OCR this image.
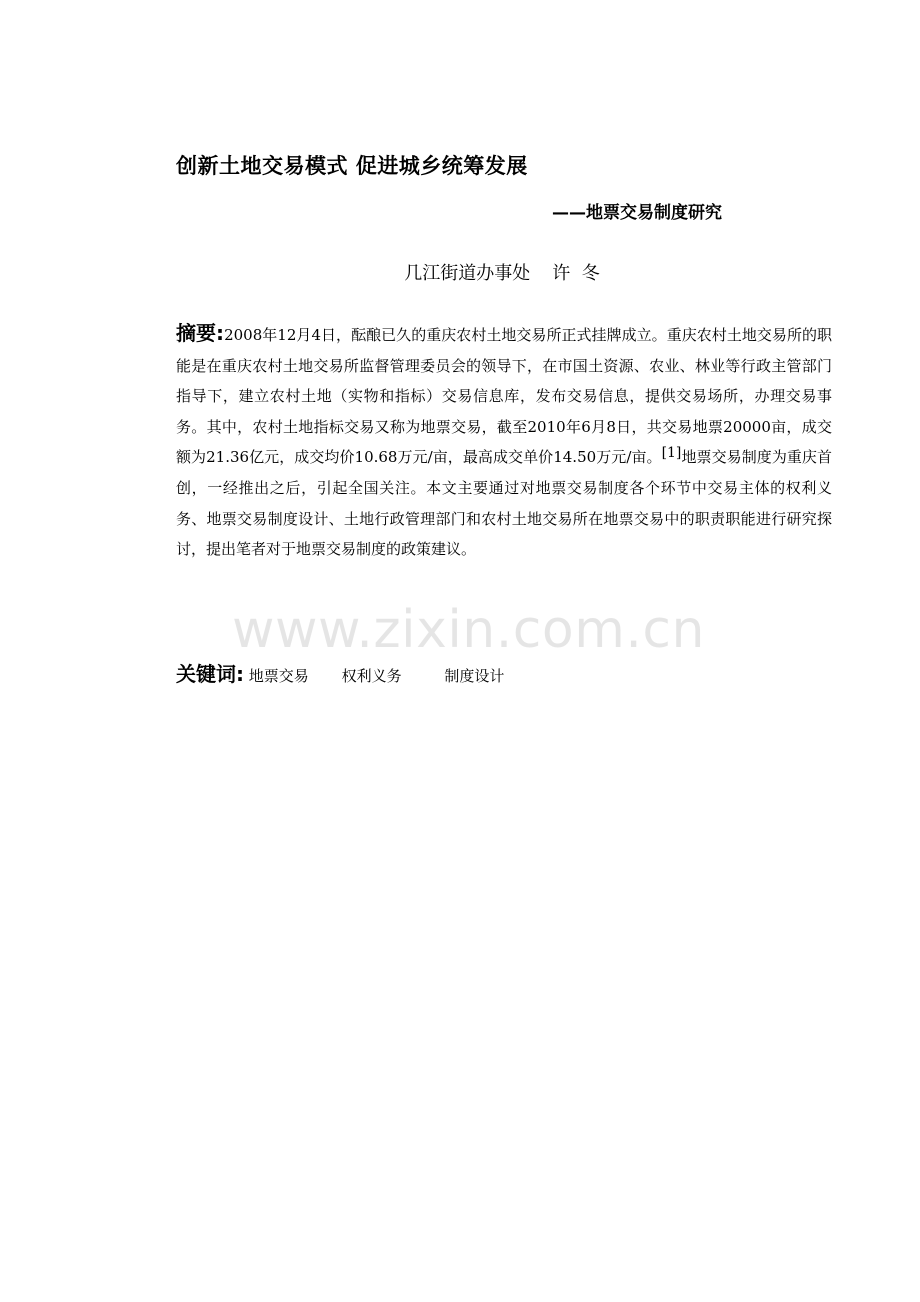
创新土地交易模式 促进城乡统筹发展
——地票交易制度研究
几江街道办事处 许  冬
摘要:2008年12月4日，酝酿已久的重庆农村土地交易所正式挂牌成立。重庆农村土地交易所的职能是在重庆农村土地交易所监督管理委员会的领导下，在市国土资源、农业、林业等行政主管部门指导下，建立农村土地（实物和指标）交易信息库，发布交易信息，提供交易场所，办理交易事务。其中，农村土地指标交易又称为地票交易，截至2010年6月8日，共交易地票20000亩，成交额为21.36亿元，成交均价10.68万元/亩，最高成交单价14.50万元/亩。[1]地票交易制度为重庆首创，一经推出之后，引起全国关注。本文主要通过对地票交易制度各个环节中交易主体的权利义务、地票交易制度设计、土地行政管理部门和农村土地交易所在地票交易中的职责职能进行研究探讨，提出笔者对于地票交易制度的政策建议。
关键词: 地票交易 权利义务	制度设计
www.zixin.com.cn
